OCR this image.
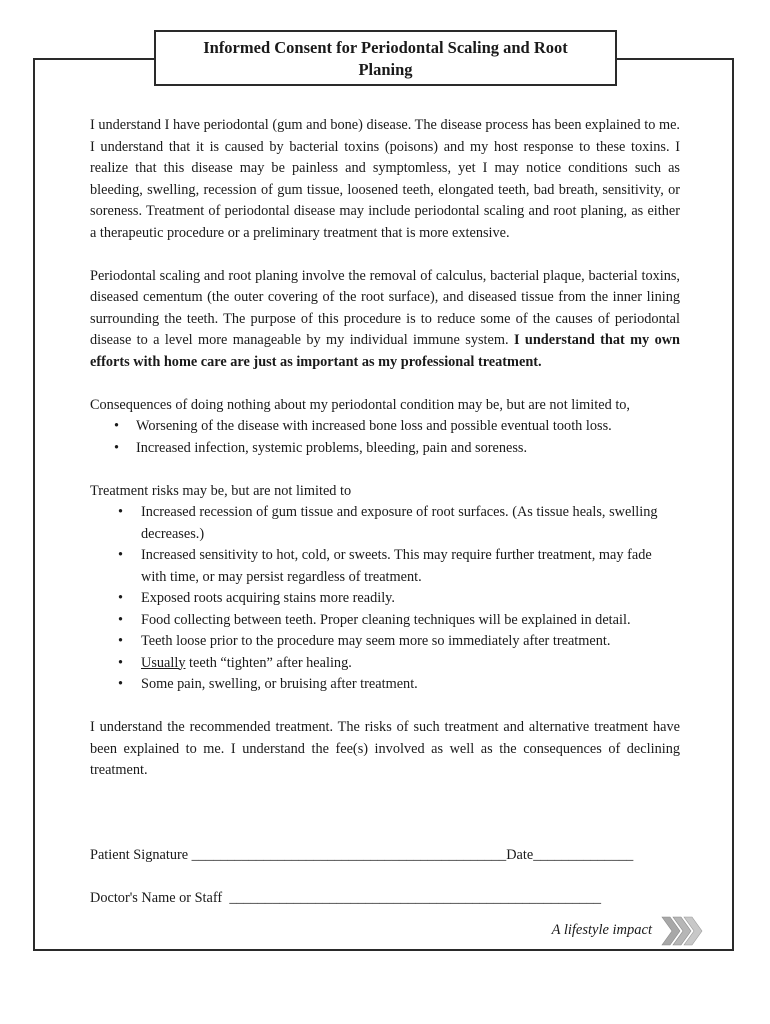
Informed Consent for Periodontal Scaling and Root
Planing

I understand I have periodontal (gum and bone) disease. The disease process has been explained to me. I understand that it is caused by bacterial toxins (poisons) and my host response to these toxins. I realize that this disease may be painless and symptomless, yet I may notice conditions such as bleeding, swelling, recession of gum tissue, loosened teeth, elongated teeth, bad breath, sensitivity, or soreness. Treatment of periodontal disease may include periodontal scaling and root planing, as either a therapeutic procedure or a preliminary treatment that is more extensive.

Periodontal scaling and root planing involve the removal of calculus, bacterial plaque, bacterial toxins, diseased cementum (the outer covering of the root surface), and diseased tissue from the inner lining surrounding the teeth. The purpose of this procedure is to reduce some of the causes of periodontal disease to a level more manageable by my individual immune system. I understand that my own efforts with home care are just as important as my professional treatment.

Consequences of doing nothing about my periodontal condition may be, but are not limited to,

• Worsening of the disease with increased bone loss and possible eventual tooth loss.
• Increased infection, systemic problems, bleeding, pain and soreness.

Treatment risks may be, but are not limited to

• Increased recession of gum tissue and exposure of root surfaces. (As tissue heals, swelling decreases.)
• Increased sensitivity to hot, cold, or sweets. This may require further treatment, may fade with time, or may persist regardless of treatment.
• Exposed roots acquiring stains more readily.
• Food collecting between teeth. Proper cleaning techniques will be explained in detail.
• Teeth loose prior to the procedure may seem more so immediately after treatment.
• Usually teeth “tighten” after healing.
• Some pain, swelling, or bruising after treatment.

I understand the recommended treatment. The risks of such treatment and alternative treatment have been explained to me. I understand the fee(s) involved as well as the consequences of declining treatment.

Patient Signature ____________________________________________Date______________
Doctor's Name or Staff ____________________________________________________
A lifestyle impact
